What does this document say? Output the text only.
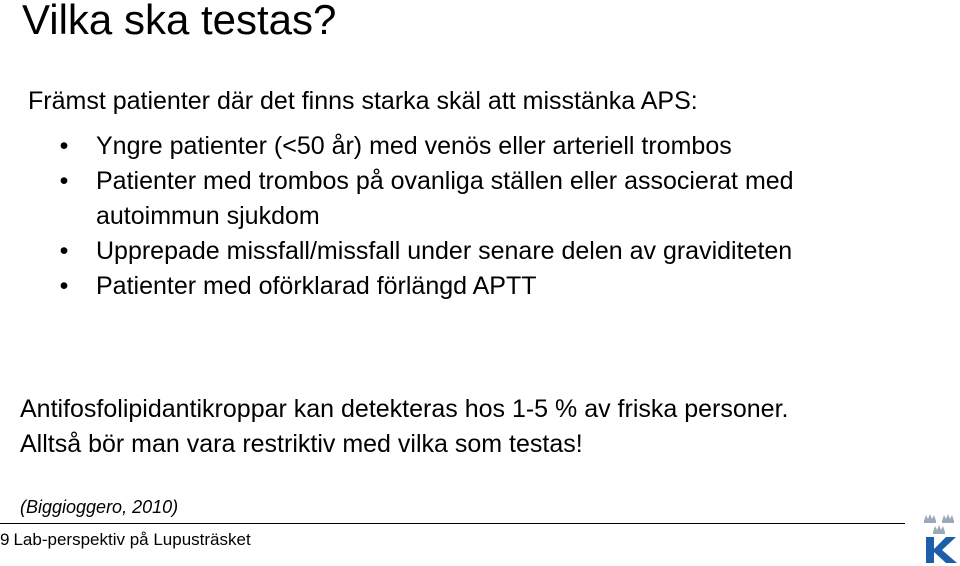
Vilka ska testas?
Främst patienter där det finns starka skäl att misstänka APS:
• Yngre patienter (<50 år) med venös eller arteriell trombos
• Patienter med trombos på ovanliga ställen eller associerat med autoimmun sjukdom
• Upprepade missfall/missfall under senare delen av graviditeten
• Patienter med oförklarad förlängd APTT
Antifosfolipidantikroppar kan detekteras hos 1-5 % av friska personer.
Alltså bör man vara restriktiv med vilka som testas!
(Biggioggero, 2010)
9 Lab-perspektiv på Lupusträsket
